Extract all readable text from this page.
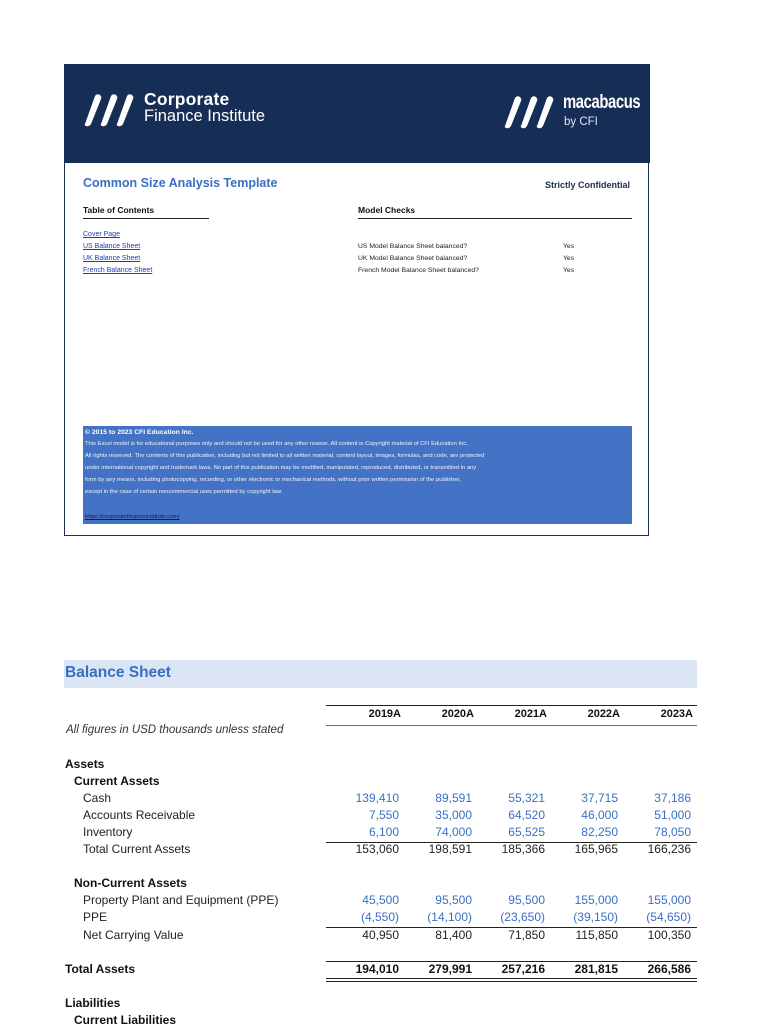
Corporate
Finance Institute
macabacus
by CFI
Common Size Analysis Template	Strictly Confidential
Table of Contents	Model Checks
Cover Page
US Balance Sheet
UK Balance Sheet
French Balance Sheet
US Model Balance Sheet balanced?	Yes
UK Model Balance Sheet balanced?	Yes
French Model Balance Sheet balanced?	Yes
© 2015 to 2023 CFI Education Inc.
This Excel model is for educational purposes only and should not be used for any other reason. All content is Copyright material of CFI Education Inc.
All rights reserved. The contents of this publication, including but not limited to all written material, content layout, images, formulas, and code, are protected
under international copyright and trademark laws. No part of this publication may be modified, manipulated, reproduced, distributed, or transmitted in any
form by any means, including photocopying, recording, or other electronic or mechanical methods, without prior written permission of the publisher,
except in the case of certain noncommercial uses permitted by copyright law.
https://corporatefinanceinstitute.com/
Balance Sheet
2019A	2020A	2021A	2022A	2023A
All figures in USD thousands unless stated
Assets
Current Assets
Cash	139,410	89,591	55,321	37,715	37,186
Accounts Receivable	7,550	35,000	64,520	46,000	51,000
Inventory	6,100	74,000	65,525	82,250	78,050
Total Current Assets	153,060	198,591	185,366	165,965	166,236
Non-Current Assets
Property Plant and Equipment (PPE)	45,500	95,500	95,500	155,000	155,000
PPE	(4,550)	(14,100)	(23,650)	(39,150)	(54,650)
Net Carrying Value	40,950	81,400	71,850	115,850	100,350
Total Assets	194,010	279,991	257,216	281,815	266,586
Liabilities
Current Liabilities
